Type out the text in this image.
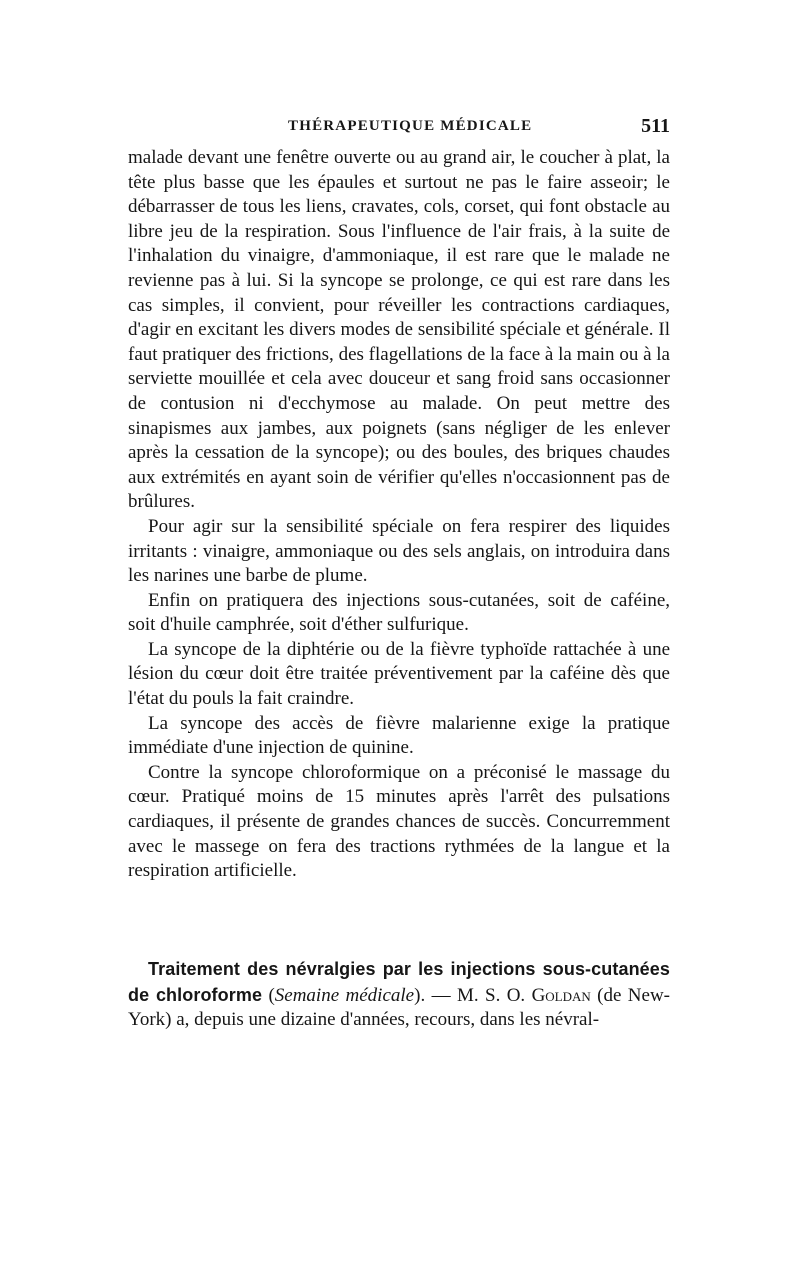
THÉRAPEUTIQUE MÉDICALE	511

malade devant une fenêtre ouverte ou au grand air, le coucher à plat, la tête plus basse que les épaules et surtout ne pas le faire asseoir; le débarrasser de tous les liens, cravates, cols, corset, qui font obstacle au libre jeu de la respiration. Sous l'influence de l'air frais, à la suite de l'inhalation du vinaigre, d'ammoniaque, il est rare que le malade ne revienne pas à lui. Si la syncope se prolonge, ce qui est rare dans les cas simples, il convient, pour réveiller les contractions cardiaques, d'agir en excitant les divers modes de sensibilité spéciale et générale. Il faut pratiquer des frictions, des flagellations de la face à la main ou à la serviette mouillée et cela avec douceur et sang froid sans occasionner de contusion ni d'ecchymose au malade. On peut mettre des sinapismes aux jambes, aux poignets (sans négliger de les enlever après la cessation de la syncope); ou des boules, des briques chaudes aux extrémités en ayant soin de vérifier qu'elles n'occasionnent pas de brûlures.

Pour agir sur la sensibilité spéciale on fera respirer des liquides irritants : vinaigre, ammoniaque ou des sels anglais, on introduira dans les narines une barbe de plume.

Enfin on pratiquera des injections sous-cutanées, soit de caféine, soit d'huile camphrée, soit d'éther sulfurique.

La syncope de la diphtérie ou de la fièvre typhoïde rattachée à une lésion du cœur doit être traitée préventivement par la caféine dès que l'état du pouls la fait craindre.

La syncope des accès de fièvre malarienne exige la pratique immédiate d'une injection de quinine.

Contre la syncope chloroformique on a préconisé le massage du cœur. Pratiqué moins de 15 minutes après l'arrêt des pulsations cardiaques, il présente de grandes chances de succès. Concurremment avec le massege on fera des tractions rythmées de la langue et la respiration artificielle.

Traitement des névralgies par les injections sous-cutanées de chloroforme (Semaine médicale). — M. S. O. Goldan (de New-York) a, depuis une dizaine d'années, recours, dans les névral-
